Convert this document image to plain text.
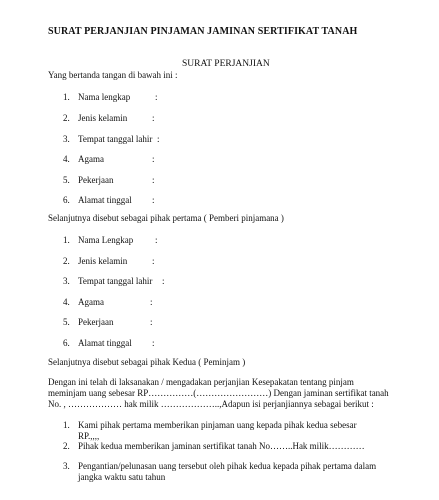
SURAT PERJANJIAN PINJAMAN JAMINAN SERTIFIKAT TANAH
SURAT PERJANJIAN
Yang bertanda tangan di bawah ini :
1. Nama lengkap	:
2. Jenis kelamin	:
3. Tempat tanggal lahir :
4. Agama	:
5. Pekerjaan	:
6. Alamat tinggal :
Selanjutnya disebut sebagai pihak pertama ( Pemberi pinjamana )
1. Nama Lengkap :
2. Jenis kelamin	:
3. Tempat tanggal lahir :
4. Agama	:
5. Pekerjaan	:
6. Alamat tinggal :
Selanjutnya disebut sebagai pihak Kedua ( Peminjam )
Dengan ini telah di laksanakan / mengadakan perjanjian Kesepakatan tentang pinjam meminjam uang sebesar RP……………(……………………) Dengan jaminan sertifikat tanah No. , ……………… hak milik ………………..,Adapun isi perjanjiannya sebagai berikut :
1. Kami pihak pertama memberikan pinjaman uang kepada pihak kedua sebesar RP.,,,,
2. Pihak kedua memberikan jaminan sertifikat tanah No……..Hak milik…………
3. Pengantian/pelunasan uang tersebut oleh pihak kedua kepada pihak pertama dalam jangka waktu satu tahun
